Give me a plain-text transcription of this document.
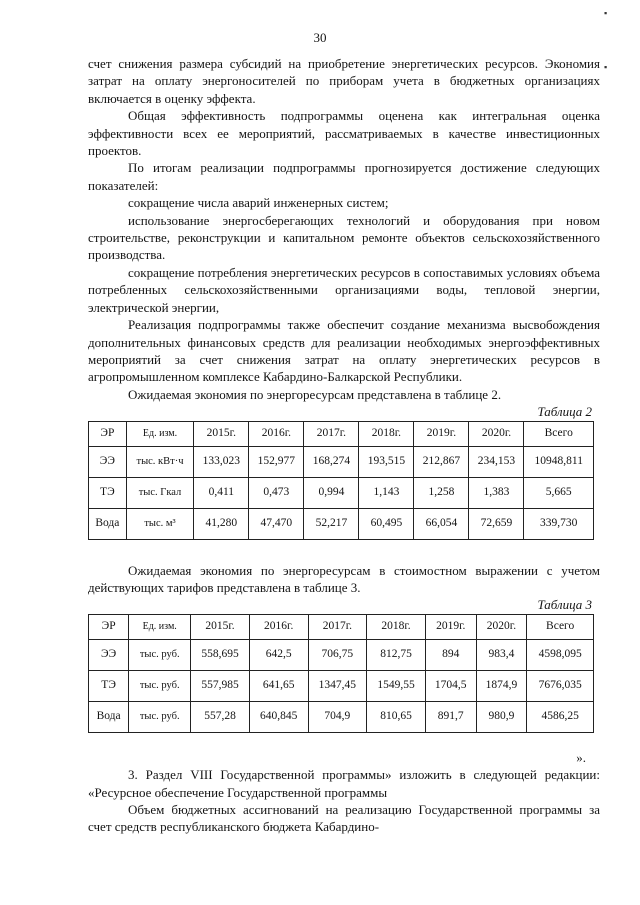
30
▪
▪

счет снижения размера субсидий на приобретение энергетических ресурсов. Экономия затрат на оплату энергоносителей по приборам учета в бюджетных организациях включается в оценку эффекта.

Общая эффективность подпрограммы оценена как интегральная оценка эффективности всех ее мероприятий, рассматриваемых в качестве инвестиционных проектов.

По итогам реализации подпрограммы прогнозируется достижение следующих показателей:

сокращение числа аварий инженерных систем;

использование энергосберегающих технологий и оборудования при новом строительстве, реконструкции и капитальном ремонте объектов сельскохозяйственного производства.

сокращение потребления энергетических ресурсов в сопоставимых условиях объема потребленных сельскохозяйственными организациями воды, тепловой энергии, электрической энергии,

Реализация подпрограммы также обеспечит создание механизма высвобождения дополнительных финансовых средств для реализации необходимых энергоэффективных мероприятий за счет снижения затрат на оплату энергетических ресурсов в агропромышленном комплексе Кабардино-Балкарской Республики.

Ожидаемая экономия по энергоресурсам представлена в таблице 2.

Таблица 2

ЭР	Ед. изм.	2015г.	2016г.	2017г.	2018г.	2019г.	2020г.	Всего
ЭЭ	тыс. кВт·ч	133,023	152,977	168,274	193,515	212,867	234,153	10948,811
ТЭ	тыс. Гкал	0,411	0,473	0,994	1,143	1,258	1,383	5,665
Вода	тыс. м³	41,280	47,470	52,217	60,495	66,054	72,659	339,730

Ожидаемая экономия по энергоресурсам в стоимостном выражении с учетом действующих тарифов представлена в таблице 3.

Таблица 3

ЭР	Ед. изм.	2015г.	2016г.	2017г.	2018г.	2019г.	2020г.	Всего
ЭЭ	тыс. руб.	558,695	642,5	706,75	812,75	894	983,4	4598,095
ТЭ	тыс. руб.	557,985	641,65	1347,45	1549,55	1704,5	1874,9	7676,035
Вода	тыс. руб.	557,28	640,845	704,9	810,65	891,7	980,9	4586,25

».

3. Раздел VIII Государственной программы» изложить в следующей редакции: «Ресурсное обеспечение Государственной программы

Объем бюджетных ассигнований на реализацию Государственной программы за счет средств республиканского бюджета Кабардино-
